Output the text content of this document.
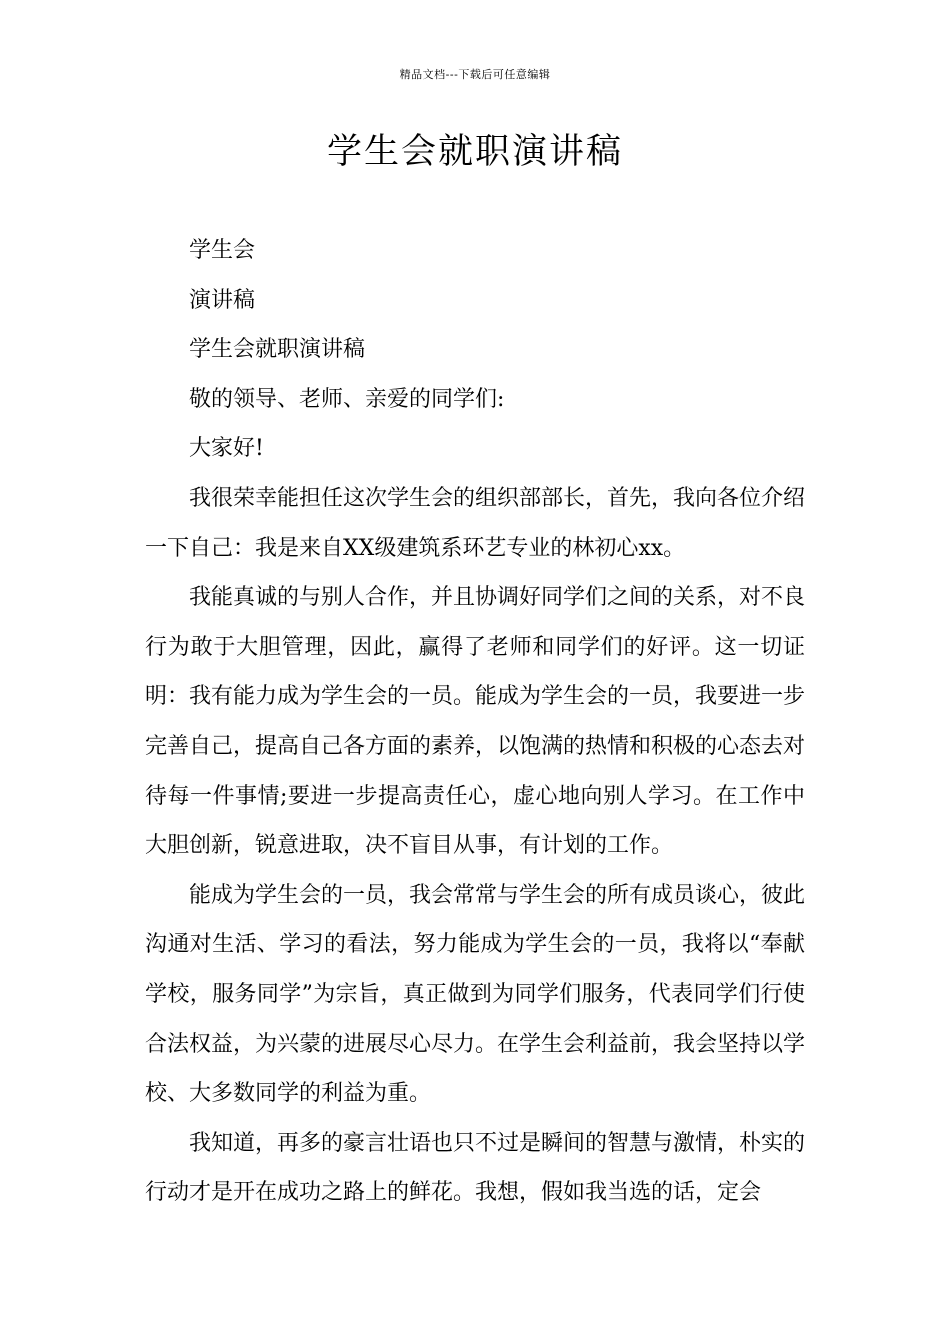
精品文档---下载后可任意编辑
学生会就职演讲稿

学生会

演讲稿

学生会就职演讲稿

敬的领导、老师、亲爱的同学们:

大家好!

我很荣幸能担任这次学生会的组织部部长，首先，我向各位介绍一下自己：我是来自XX级建筑系环艺专业的林初心xx。

我能真诚的与别人合作，并且协调好同学们之间的关系，对不良行为敢于大胆管理，因此，赢得了老师和同学们的好评。这一切证明：我有能力成为学生会的一员。能成为学生会的一员，我要进一步完善自己，提高自己各方面的素养，以饱满的热情和积极的心态去对待每一件事情;要进一步提高责任心，虚心地向别人学习。在工作中大胆创新，锐意进取，决不盲目从事，有计划的工作。

能成为学生会的一员，我会常常与学生会的所有成员谈心，彼此沟通对生活、学习的看法，努力能成为学生会的一员，我将以“奉献学校，服务同学”为宗旨，真正做到为同学们服务，代表同学们行使合法权益，为兴蒙的进展尽心尽力。在学生会利益前，我会坚持以学校、大多数同学的利益为重。

我知道，再多的豪言壮语也只不过是瞬间的智慧与激情，朴实的行动才是开在成功之路上的鲜花。我想，假如我当选的话，定会
